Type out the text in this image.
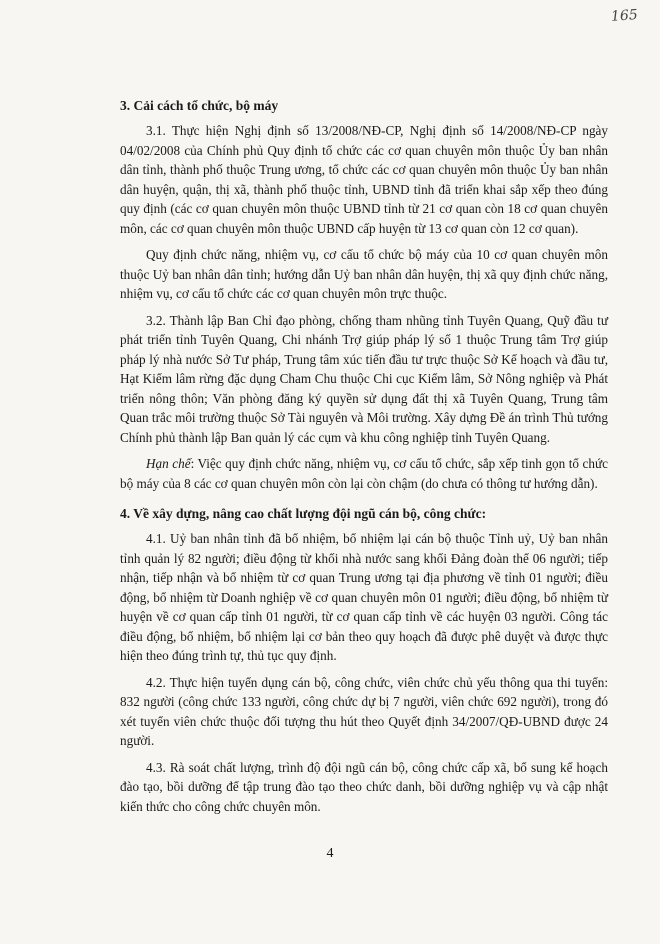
165
3. Cải cách tổ chức, bộ máy

3.1. Thực hiện Nghị định số 13/2008/NĐ-CP, Nghị định số 14/2008/NĐ-CP ngày 04/02/2008 của Chính phủ Quy định tổ chức các cơ quan chuyên môn thuộc Ủy ban nhân dân tỉnh, thành phố thuộc Trung ương, tổ chức các cơ quan chuyên môn thuộc Ủy ban nhân dân huyện, quận, thị xã, thành phố thuộc tỉnh, UBND tỉnh đã triển khai sắp xếp theo đúng quy định (các cơ quan chuyên môn thuộc UBND tỉnh từ 21 cơ quan còn 18 cơ quan chuyên môn, các cơ quan chuyên môn thuộc UBND cấp huyện từ 13 cơ quan còn 12 cơ quan).

Quy định chức năng, nhiệm vụ, cơ cấu tổ chức bộ máy của 10 cơ quan chuyên môn thuộc Uỷ ban nhân dân tỉnh; hướng dẫn Uỷ ban nhân dân huyện, thị xã quy định chức năng, nhiệm vụ, cơ cấu tổ chức các cơ quan chuyên môn trực thuộc.

3.2. Thành lập Ban Chỉ đạo phòng, chống tham nhũng tỉnh Tuyên Quang, Quỹ đầu tư phát triển tỉnh Tuyên Quang, Chi nhánh Trợ giúp pháp lý số 1 thuộc Trung tâm Trợ giúp pháp lý nhà nước Sở Tư pháp, Trung tâm xúc tiến đầu tư trực thuộc Sở Kế hoạch và đầu tư, Hạt Kiểm lâm rừng đặc dụng Cham Chu thuộc Chi cục Kiểm lâm, Sở Nông nghiệp và Phát triển nông thôn; Văn phòng đăng ký quyền sử dụng đất thị xã Tuyên Quang, Trung tâm Quan trắc môi trường thuộc Sở Tài nguyên và Môi trường. Xây dựng Đề án trình Thủ tướng Chính phủ thành lập Ban quản lý các cụm và khu công nghiệp tỉnh Tuyên Quang.

Hạn chế: Việc quy định chức năng, nhiệm vụ, cơ cấu tổ chức, sắp xếp tinh gọn tổ chức bộ máy của 8 các cơ quan chuyên môn còn lại còn chậm (do chưa có thông tư hướng dẫn).

4. Về xây dựng, nâng cao chất lượng đội ngũ cán bộ, công chức:

4.1. Uỷ ban nhân tỉnh đã bổ nhiệm, bổ nhiệm lại cán bộ thuộc Tỉnh uỷ, Uỷ ban nhân tỉnh quản lý 82 người; điều động từ khối nhà nước sang khối Đảng đoàn thể 06 người; tiếp nhận, tiếp nhận và bổ nhiệm từ cơ quan Trung ương tại địa phương về tỉnh 01 người; điều động, bổ nhiệm từ Doanh nghiệp về cơ quan chuyên môn 01 người; điều động, bổ nhiệm từ huyện về cơ quan cấp tỉnh 01 người, từ cơ quan cấp tỉnh về các huyện 03 người. Công tác điều động, bổ nhiệm, bổ nhiệm lại cơ bản theo quy hoạch đã được phê duyệt và được thực hiện theo đúng trình tự, thủ tục quy định.

4.2. Thực hiện tuyển dụng cán bộ, công chức, viên chức chủ yếu thông qua thi tuyển: 832 người (công chức 133 người, công chức dự bị 7 người, viên chức 692 người), trong đó xét tuyển viên chức thuộc đối tượng thu hút theo Quyết định 34/2007/QĐ-UBND được 24 người.

4.3. Rà soát chất lượng, trình độ đội ngũ cán bộ, công chức cấp xã, bổ sung kế hoạch đào tạo, bồi dưỡng để tập trung đào tạo theo chức danh, bồi dưỡng nghiệp vụ và cập nhật kiến thức cho công chức chuyên môn.

4
